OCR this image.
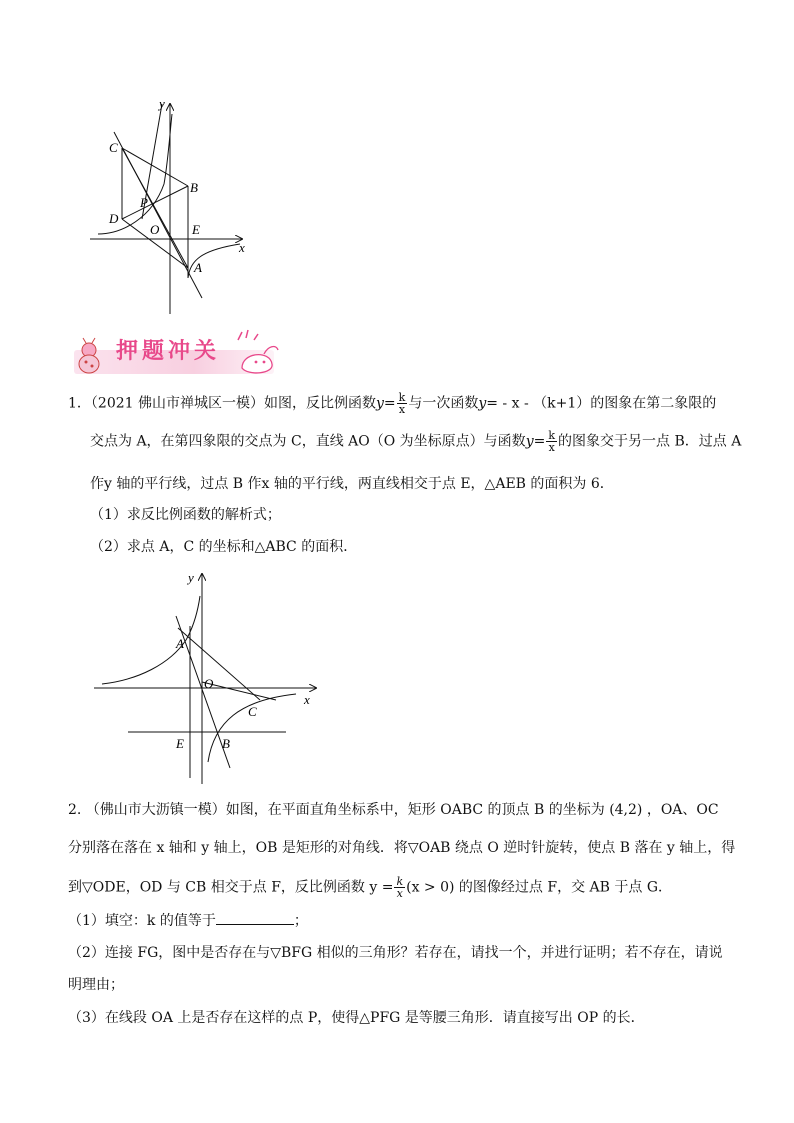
y
x
C
B
P
D
O	E
A
押题冲关
1．（2021 佛山市禅城区一模）如图，反比例函数$y= \frac{k}{x}$ 与一次函数y= - x - （k+1）的图象在第二象限的
交点为 A，在第四象限的交点为 C，直线 AO（O 为坐标原点）与函数$y= \frac{k}{x}$ 的图象交于另一点 B．过点 A
作y 轴的平行线，过点 B 作x 轴的平行线，两直线相交于点 E，△AEB 的面积为 6．
（1）求反比例函数的解析式；
（2）求点 A，C 的坐标和△ABC 的面积．
y
x
A
O
C
E	B
2. （佛山市大沥镇一模）如图，在平面直角坐标系中，矩形 OABC 的顶点 B 的坐标为 (4,2) ，OA、OC
分别落在落在 x 轴和 y 轴上，OB 是矩形的对角线．将▽OAB 绕点 O 逆时针旋转，使点 B 落在 y 轴上，得
到▽ODE，OD 与 CB 相交于点 F，反比例函数 $y = \frac{k}{x} (x > 0)$ 的图像经过点 F，交 AB 于点 G．
（1）填空：k 的值等于	；
（2）连接 FG，图中是否存在与▽BFG 相似的三角形？若存在，请找一个，并进行证明；若不存在，请说
明理由；
（3）在线段 OA 上是否存在这样的点 P，使得△PFG 是等腰三角形．请直接写出 OP 的长．
